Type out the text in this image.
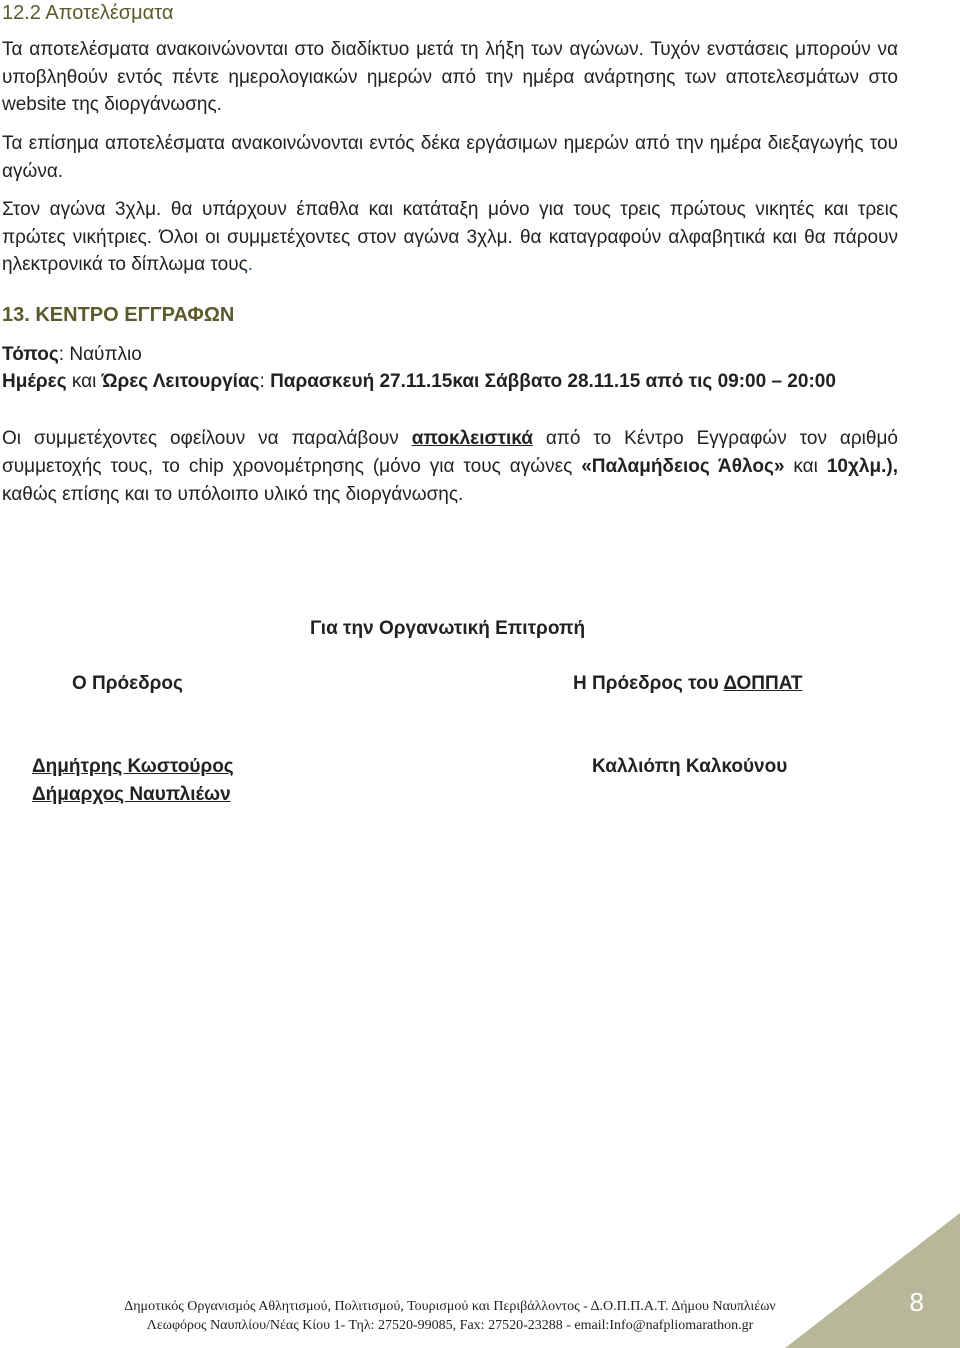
12.2 Αποτελέσματα

Τα αποτελέσματα ανακοινώνονται στο διαδίκτυο μετά τη λήξη των αγώνων. Τυχόν ενστάσεις μπορούν να υποβληθούν εντός πέντε ημερολογιακών ημερών από την ημέρα ανάρτησης των αποτελεσμάτων στο website της διοργάνωσης.

Τα επίσημα αποτελέσματα ανακοινώνονται εντός δέκα εργάσιμων ημερών από την ημέρα διεξαγωγής του αγώνα.

Στον αγώνα 3χλμ. θα υπάρχουν έπαθλα και κατάταξη μόνο για τους τρεις πρώτους νικητές και τρεις πρώτες νικήτριες. Όλοι οι συμμετέχοντες στον αγώνα 3χλμ. θα καταγραφούν αλφαβητικά και θα πάρουν ηλεκτρονικά το δίπλωμα τους.

13. ΚΕΝΤΡΟ ΕΓΓΡΑΦΩΝ

Τόπος: Ναύπλιο

Ημέρες και Ώρες Λειτουργίας: Παρασκευή 27.11.15και Σάββατο 28.11.15 από τις 09:00 – 20:00

Οι συμμετέχοντες οφείλουν να παραλάβουν αποκλειστικά από το Κέντρο Εγγραφών τον αριθμό συμμετοχής τους, το chip χρονομέτρησης (μόνο για τους αγώνες «Παλαμήδειος Άθλος» και 10χλμ.), καθώς επίσης και το υπόλοιπο υλικό της διοργάνωσης.

Για την Οργανωτική Επιτροπή

Ο Πρόεδρος	Η Πρόεδρος του ΔΟΠΠΑΤ

Δημήτρης Κωστούρος

Δήμαρχος Ναυπλιέων

Καλλιόπη Καλκούνου

Δημοτικός Οργανισμός Αθλητισμού, Πολιτισμού, Τουρισμού και Περιβάλλοντος - Δ.Ο.Π.Π.Α.Τ. Δήμου Ναυπλιέων

Λεωφόρος Ναυπλίου/Νέας Κίου 1- Τηλ: 27520-99085, Fax: 27520-23288 - email:Info@nafpliomarathon.gr

8
